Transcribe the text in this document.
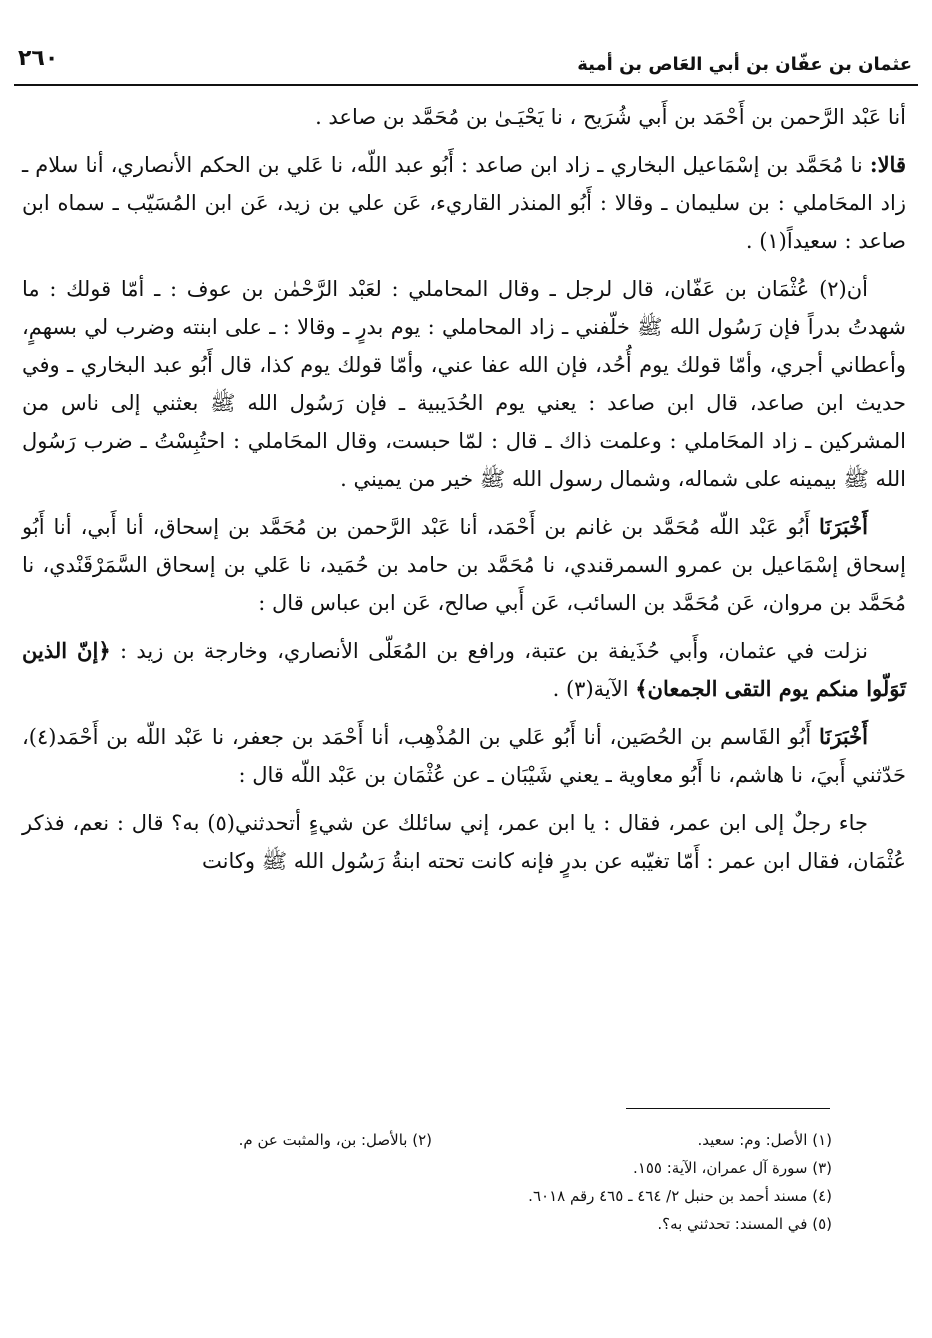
عثمان بن عفّان بن أبي العَاص بن أمية
٢٦٠

أنا عَبْد الرَّحمن بن أَحْمَد بن أَبي شُرَيح ، نا يَحْيَـىٰ بن مُحَمَّد بن صاعد .

قالا: نا مُحَمَّد بن إسْمَاعيل البخاري ـ زاد ابن صاعد : أَبُو عبد اللّه، نا عَلي بن الحكم الأنصاري، أنا سلام ـ زاد المحَاملي : بن سليمان ـ وقالا : أَبُو المنذر القاريء، عَن علي بن زيد، عَن ابن المُسَيّب ـ سماه ابن صاعد : سعيداً(١) .

أن(٢) عُثْمَان بن عَفّان، قال لرجل ـ وقال المحاملي : لعَبْد الرَّحْمٰن بن عوف : ـ أمّا قولك : ما شهدتُ بدراً فإن رَسُول الله ﷺ خلّفني ـ زاد المحاملي : يوم بدرٍ ـ وقالا : ـ على ابنته وضرب لي بسهمٍ، وأعطاني أجري، وأمّا قولك يوم أُحُد، فإن الله عفا عني، وأمّا قولك يوم كذا، قال أَبُو عبد البخاري ـ وفي حديث ابن صاعد، قال ابن صاعد : يعني يوم الحُدَيبية ـ فإن رَسُول الله ﷺ بعثني إلى ناس من المشركين ـ زاد المحَاملي : وعلمت ذاك ـ قال : لمّا حبست، وقال المحَاملي : احتُبِسْتُ ـ ضرب رَسُول الله ﷺ بيمينه على شماله، وشمال رسول الله ﷺ خير من يميني .

أَخْبَرَنَا أَبُو عَبْد اللّه مُحَمَّد بن غانم بن أَحْمَد، أنا عَبْد الرَّحمن بن مُحَمَّد بن إسحاق، أنا أَبي، أنا أَبُو إسحاق إسْمَاعيل بن عمرو السمرقندي، نا مُحَمَّد بن حامد بن حُمَيد، نا عَلي بن إسحاق السَّمَرْقَنْدي، نا مُحَمَّد بن مروان، عَن مُحَمَّد بن السائب، عَن أَبي صالح، عَن ابن عباس قال :

نزلت في عثمان، وأَبي حُذَيفة بن عتبة، ورافع بن المُعَلّى الأنصاري، وخارجة بن زيد : ﴿إنّ الذين تَوَلّوا منكم يوم التقى الجمعان﴾ الآية(٣) .

أَخْبَرَنَا أَبُو القَاسم بن الحُصَين، أنا أَبُو عَلي بن المُذْهِب، أنا أَحْمَد بن جعفر، نا عَبْد اللّه بن أَحْمَد(٤)، حَدّثني أَبيَ، نا هاشم، نا أَبُو معاوية ـ يعني شَيْبَان ـ عن عُثْمَان بن عَبْد اللّه قال :

جاء رجلٌ إلى ابن عمر، فقال : يا ابن عمر، إني سائلك عن شيءٍ أتحدثني(٥) به؟ قال : نعم، فذكر عُثْمَان، فقال ابن عمر : أَمّا تغيّبه عن بدرٍ فإنه كانت تحته ابنةُ رَسُول الله ﷺ وكانت

(١) الأصل: وم: سعيد.
(٢) بالأصل: بن، والمثبت عن م.
(٣) سورة آل عمران، الآية: ١٥٥.
(٤) مسند أحمد بن حنبل ٢/ ٤٦٤ ـ ٤٦٥ رقم ٦٠١٨.
(٥) في المسند: تحدثني به؟.
